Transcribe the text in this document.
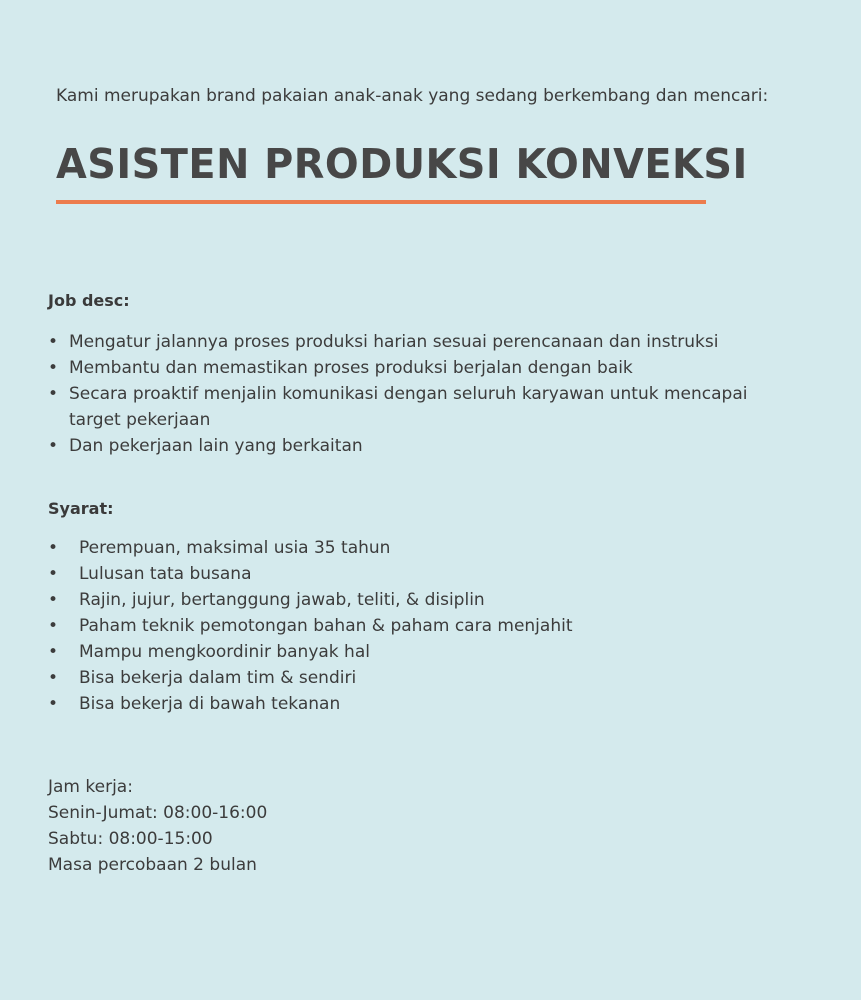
Kami merupakan brand pakaian anak-anak yang sedang berkembang dan mencari:
ASISTEN PRODUKSI KONVEKSI
Job desc:
• Mengatur jalannya proses produksi harian sesuai perencanaan dan instruksi
• Membantu dan memastikan proses produksi berjalan dengan baik
• Secara proaktif menjalin komunikasi dengan seluruh karyawan untuk mencapai target pekerjaan
• Dan pekerjaan lain yang berkaitan
Syarat:
• Perempuan, maksimal usia 35 tahun
• Lulusan tata busana
• Rajin, jujur, bertanggung jawab, teliti, & disiplin
• Paham teknik pemotongan bahan & paham cara menjahit
• Mampu mengkoordinir banyak hal
• Bisa bekerja dalam tim & sendiri
• Bisa bekerja di bawah tekanan
Jam kerja:
Senin-Jumat: 08:00-16:00
Sabtu: 08:00-15:00
Masa percobaan 2 bulan
